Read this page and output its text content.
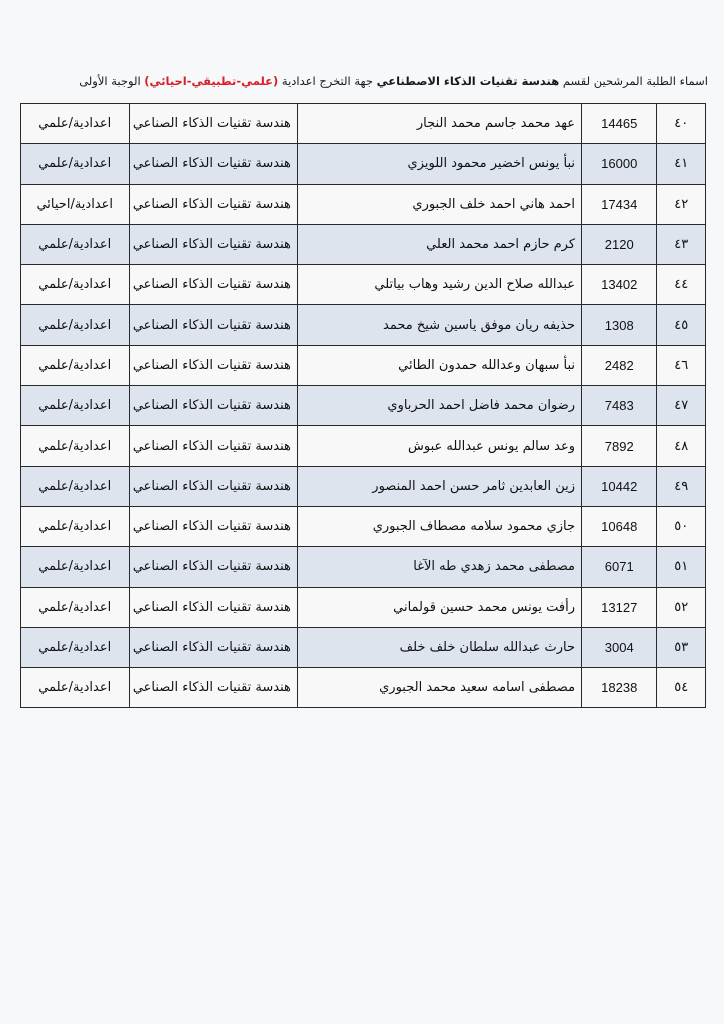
اسماء الطلبة المرشحين لقسم هندسة تقنيات الذكاء الاصطناعي جهة التخرج اعدادية (علمي-تطبيقي-احيائي) الوجبة الأولى
٤٠	14465	عهد محمد جاسم محمد النجار	هندسة تقنيات الذكاء الصناعي	اعدادية/علمي
٤١	16000	نبأ يونس اخضير محمود اللويزي	هندسة تقنيات الذكاء الصناعي	اعدادية/علمي
٤٢	17434	احمد هاني احمد خلف الجبوري	هندسة تقنيات الذكاء الصناعي	اعدادية/احيائي
٤٣	2120	كرم حازم احمد محمد العلي	هندسة تقنيات الذكاء الصناعي	اعدادية/علمي
٤٤	13402	عبدالله صلاح الدين رشيد وهاب بياتلي	هندسة تقنيات الذكاء الصناعي	اعدادية/علمي
٤٥	1308	حذيفه ريان موفق ياسين شيخ محمد	هندسة تقنيات الذكاء الصناعي	اعدادية/علمي
٤٦	2482	نبأ سبهان وعدالله حمدون الطائي	هندسة تقنيات الذكاء الصناعي	اعدادية/علمي
٤٧	7483	رضوان محمد فاضل احمد الحرباوي	هندسة تقنيات الذكاء الصناعي	اعدادية/علمي
٤٨	7892	وعد سالم يونس عبدالله عبوش	هندسة تقنيات الذكاء الصناعي	اعدادية/علمي
٤٩	10442	زين العابدين ثامر حسن احمد المنصور	هندسة تقنيات الذكاء الصناعي	اعدادية/علمي
٥٠	10648	جازي محمود سلامه مصطاف الجبوري	هندسة تقنيات الذكاء الصناعي	اعدادية/علمي
٥١	6071	مصطفى محمد زهدي طه الآغا	هندسة تقنيات الذكاء الصناعي	اعدادية/علمي
٥٢	13127	رأفت يونس محمد حسين قولماني	هندسة تقنيات الذكاء الصناعي	اعدادية/علمي
٥٣	3004	حارث عبدالله سلطان خلف خلف	هندسة تقنيات الذكاء الصناعي	اعدادية/علمي
٥٤	18238	مصطفى اسامه سعيد محمد الجبوري	هندسة تقنيات الذكاء الصناعي	اعدادية/علمي
